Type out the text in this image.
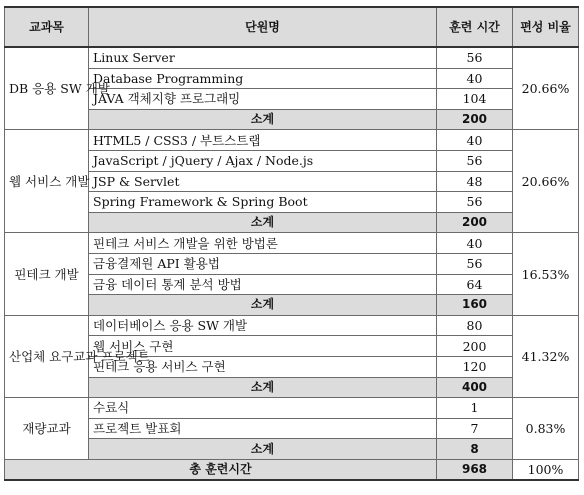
교과목	단원명	훈련 시간	편성 비율
DB 응용 SW 개발	Linux Server	56	20.66%
	Database Programming	40	
	JAVA 객체지향 프로그래밍	104	
	소계	200	
웹 서비스 개발	HTML5 / CSS3 / 부트스트랩	40	20.66%
	JavaScript / jQuery / Ajax / Node.js	56	
	JSP & Servlet	48	
	Spring Framework & Spring Boot	56	
	소계	200	
핀테크 개발	핀테크 서비스 개발을 위한 방법론	40	16.53%
	금융결제원 API 활용법	56	
	금융 데이터 통계 분석 방법	64	
	소계	160	
산업체 요구교과 프로젝트	데이터베이스 응용 SW 개발	80	41.32%
	웹 서비스 구현	200	
	핀테크 응용 서비스 구현	120	
	소계	400	
재량교과	수료식	1	0.83%
	프로젝트 발표회	7	
	소계	8	
총 훈련시간		968	100%
